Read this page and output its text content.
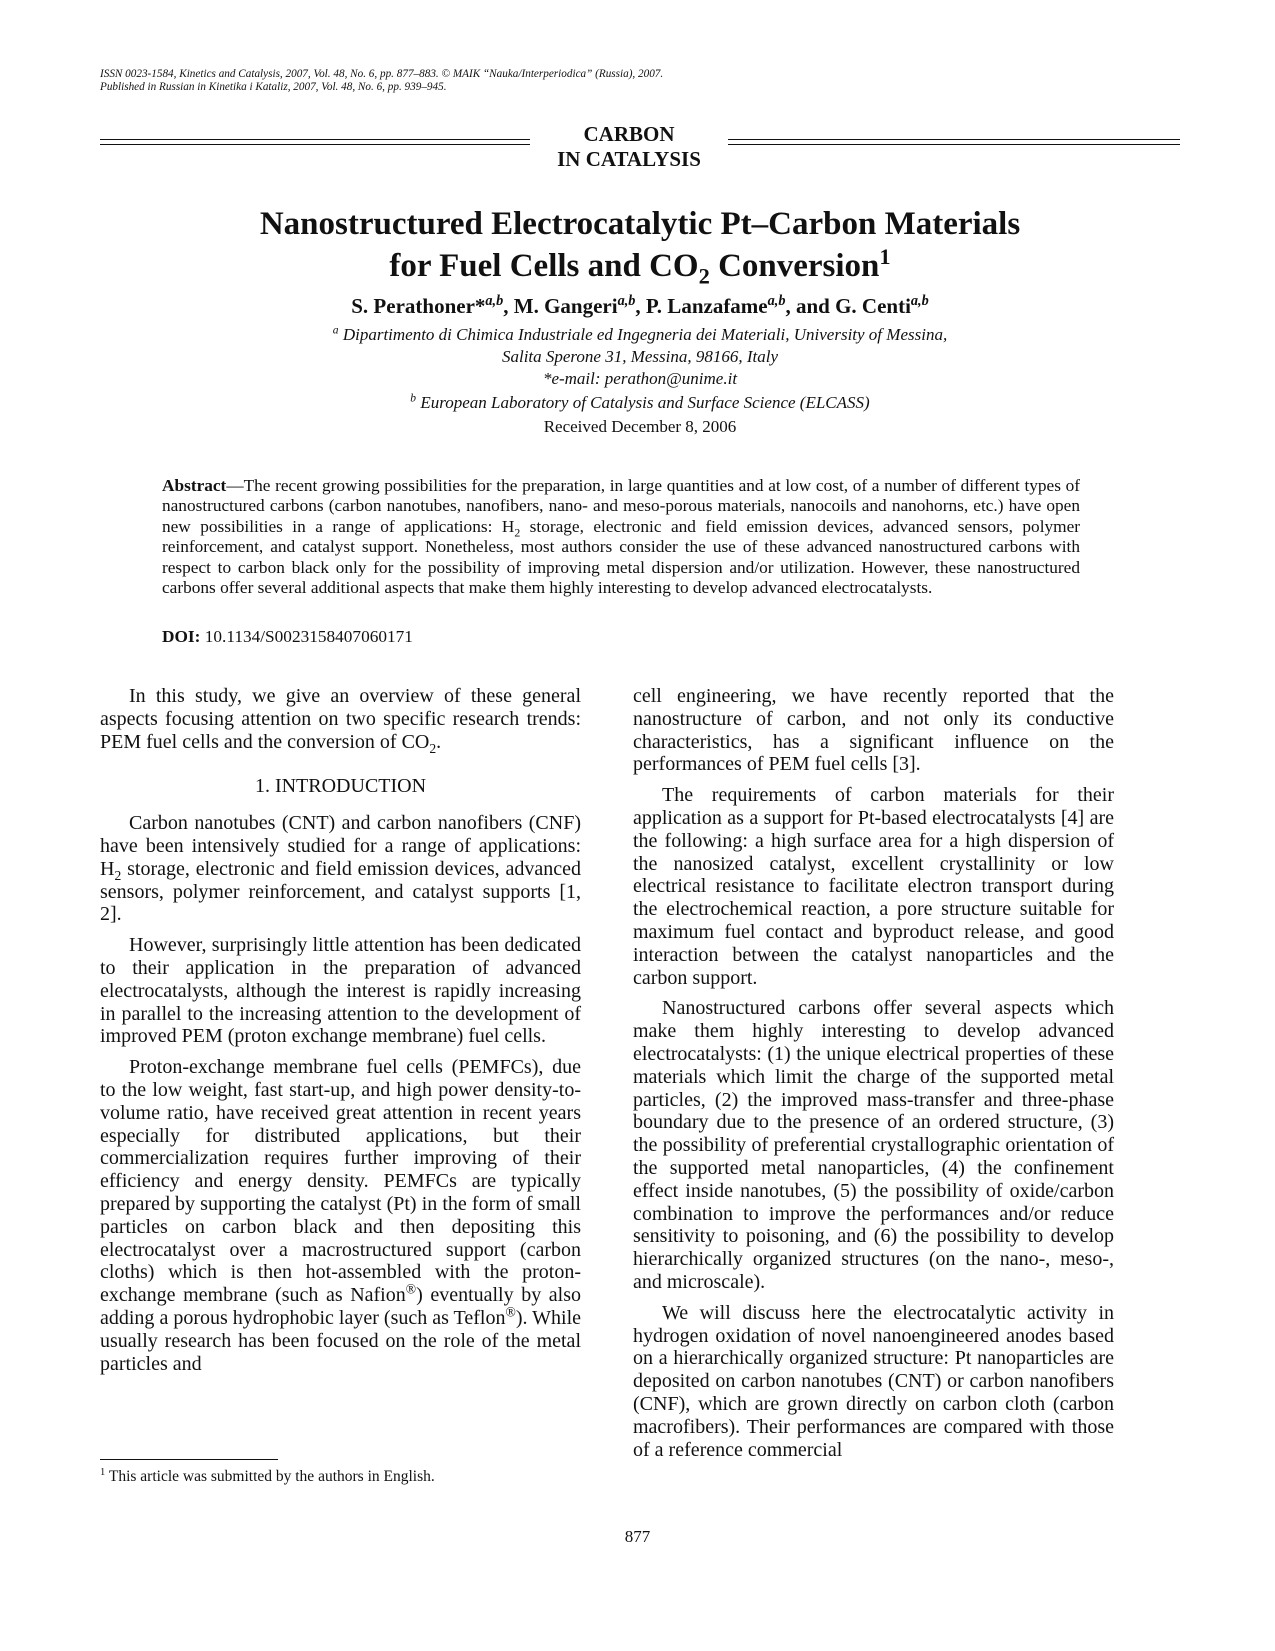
ISSN 0023-1584, Kinetics and Catalysis, 2007, Vol. 48, No. 6, pp. 877–883. © MAIK “Nauka/Interperiodica” (Russia), 2007.
Published in Russian in Kinetika i Kataliz, 2007, Vol. 48, No. 6, pp. 939–945.
CARBON
IN CATALYSIS
Nanostructured Electrocatalytic Pt–Carbon Materials
for Fuel Cells and $CO_2$ Conversion$^1$
S. Perathoner*$^{a,b}$, M. Gangeri$^{a,b}$, P. Lanzafame$^{a,b}$, and G. Centi$^{a,b}$
$^a$ Dipartimento di Chimica Industriale ed Ingegneria dei Materiali, University of Messina,
Salita Sperone 31, Messina, 98166, Italy
*e-mail: perathon@unime.it
$^b$ European Laboratory of Catalysis and Surface Science (ELCASS)
Received December 8, 2006
Abstract—The recent growing possibilities for the preparation, in large quantities and at low cost, of a number of different types of nanostructured carbons (carbon nanotubes, nanofibers, nano- and meso-porous materials, nanocoils and nanohorns, etc.) have open new possibilities in a range of applications: $H_2$ storage, electronic and field emission devices, advanced sensors, polymer reinforcement, and catalyst support. Nonetheless, most authors consider the use of these advanced nanostructured carbons with respect to carbon black only for the possibility of improving metal dispersion and/or utilization. However, these nanostructured carbons offer several additional aspects that make them highly interesting to develop advanced electrocatalysts.
DOI: 10.1134/S0023158407060171

In this study, we give an overview of these general aspects focusing attention on two specific research trends: PEM fuel cells and the conversion of $CO_2$.

1. INTRODUCTION

Carbon nanotubes (CNT) and carbon nanofibers (CNF) have been intensively studied for a range of applications: $H_2$ storage, electronic and field emission devices, advanced sensors, polymer reinforcement, and catalyst supports [1, 2].

However, surprisingly little attention has been dedicated to their application in the preparation of advanced electrocatalysts, although the interest is rapidly increasing in parallel to the increasing attention to the development of improved PEM (proton exchange membrane) fuel cells.

Proton-exchange membrane fuel cells (PEMFCs), due to the low weight, fast start-up, and high power density-to-volume ratio, have received great attention in recent years especially for distributed applications, but their commercialization requires further improving of their efficiency and energy density. PEMFCs are typically prepared by supporting the catalyst (Pt) in the form of small particles on carbon black and then depositing this electrocatalyst over a macrostructured support (carbon cloths) which is then hot-assembled with the proton-exchange membrane (such as Nafion®) eventually by also adding a porous hydrophobic layer (such as Teflon®). While usually research has been focused on the role of the metal particles and

cell engineering, we have recently reported that the nanostructure of carbon, and not only its conductive characteristics, has a significant influence on the performances of PEM fuel cells [3].

The requirements of carbon materials for their application as a support for Pt-based electrocatalysts [4] are the following: a high surface area for a high dispersion of the nanosized catalyst, excellent crystallinity or low electrical resistance to facilitate electron transport during the electrochemical reaction, a pore structure suitable for maximum fuel contact and byproduct release, and good interaction between the catalyst nanoparticles and the carbon support.

Nanostructured carbons offer several aspects which make them highly interesting to develop advanced electrocatalysts: (1) the unique electrical properties of these materials which limit the charge of the supported metal particles, (2) the improved mass-transfer and three-phase boundary due to the presence of an ordered structure, (3) the possibility of preferential crystallographic orientation of the supported metal nanoparticles, (4) the confinement effect inside nanotubes, (5) the possibility of oxide/carbon combination to improve the performances and/or reduce sensitivity to poisoning, and (6) the possibility to develop hierarchically organized structures (on the nano-, meso-, and microscale).

We will discuss here the electrocatalytic activity in hydrogen oxidation of novel nanoengineered anodes based on a hierarchically organized structure: Pt nanoparticles are deposited on carbon nanotubes (CNT) or carbon nanofibers (CNF), which are grown directly on carbon cloth (carbon macrofibers). Their performances are compared with those of a reference commercial

$^1$ This article was submitted by the authors in English.
877
